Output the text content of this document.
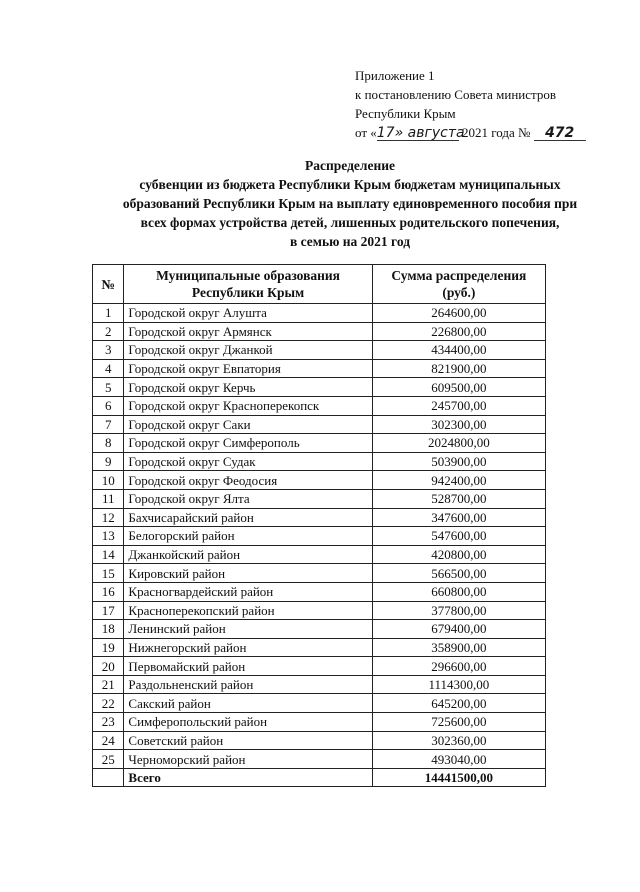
Приложение 1
к постановлению Совета министров
Республики Крым
от «17» августа 2021 года № 472
Распределение
субвенции из бюджета Республики Крым бюджетам муниципальных
образований Республики Крым на выплату единовременного пособия при
всех формах устройства детей, лишенных родительского попечения,
в семью на 2021 год
№	Муниципальные образования Республики Крым	Сумма распределения (руб.)
1	Городской округ Алушта	264600,00
2	Городской округ Армянск	226800,00
3	Городской округ Джанкой	434400,00
4	Городской округ Евпатория	821900,00
5	Городской округ Керчь	609500,00
6	Городской округ Красноперекопск	245700,00
7	Городской округ Саки	302300,00
8	Городской округ Симферополь	2024800,00
9	Городской округ Судак	503900,00
10	Городской округ Феодосия	942400,00
11	Городской округ Ялта	528700,00
12	Бахчисарайский район	347600,00
13	Белогорский район	547600,00
14	Джанкойский район	420800,00
15	Кировский район	566500,00
16	Красногвардейский район	660800,00
17	Красноперекопский район	377800,00
18	Ленинский район	679400,00
19	Нижнегорский район	358900,00
20	Первомайский район	296600,00
21	Раздольненский район	1114300,00
22	Сакский район	645200,00
23	Симферопольский район	725600,00
24	Советский район	302360,00
25	Черноморский район	493040,00
	Всего	14441500,00
